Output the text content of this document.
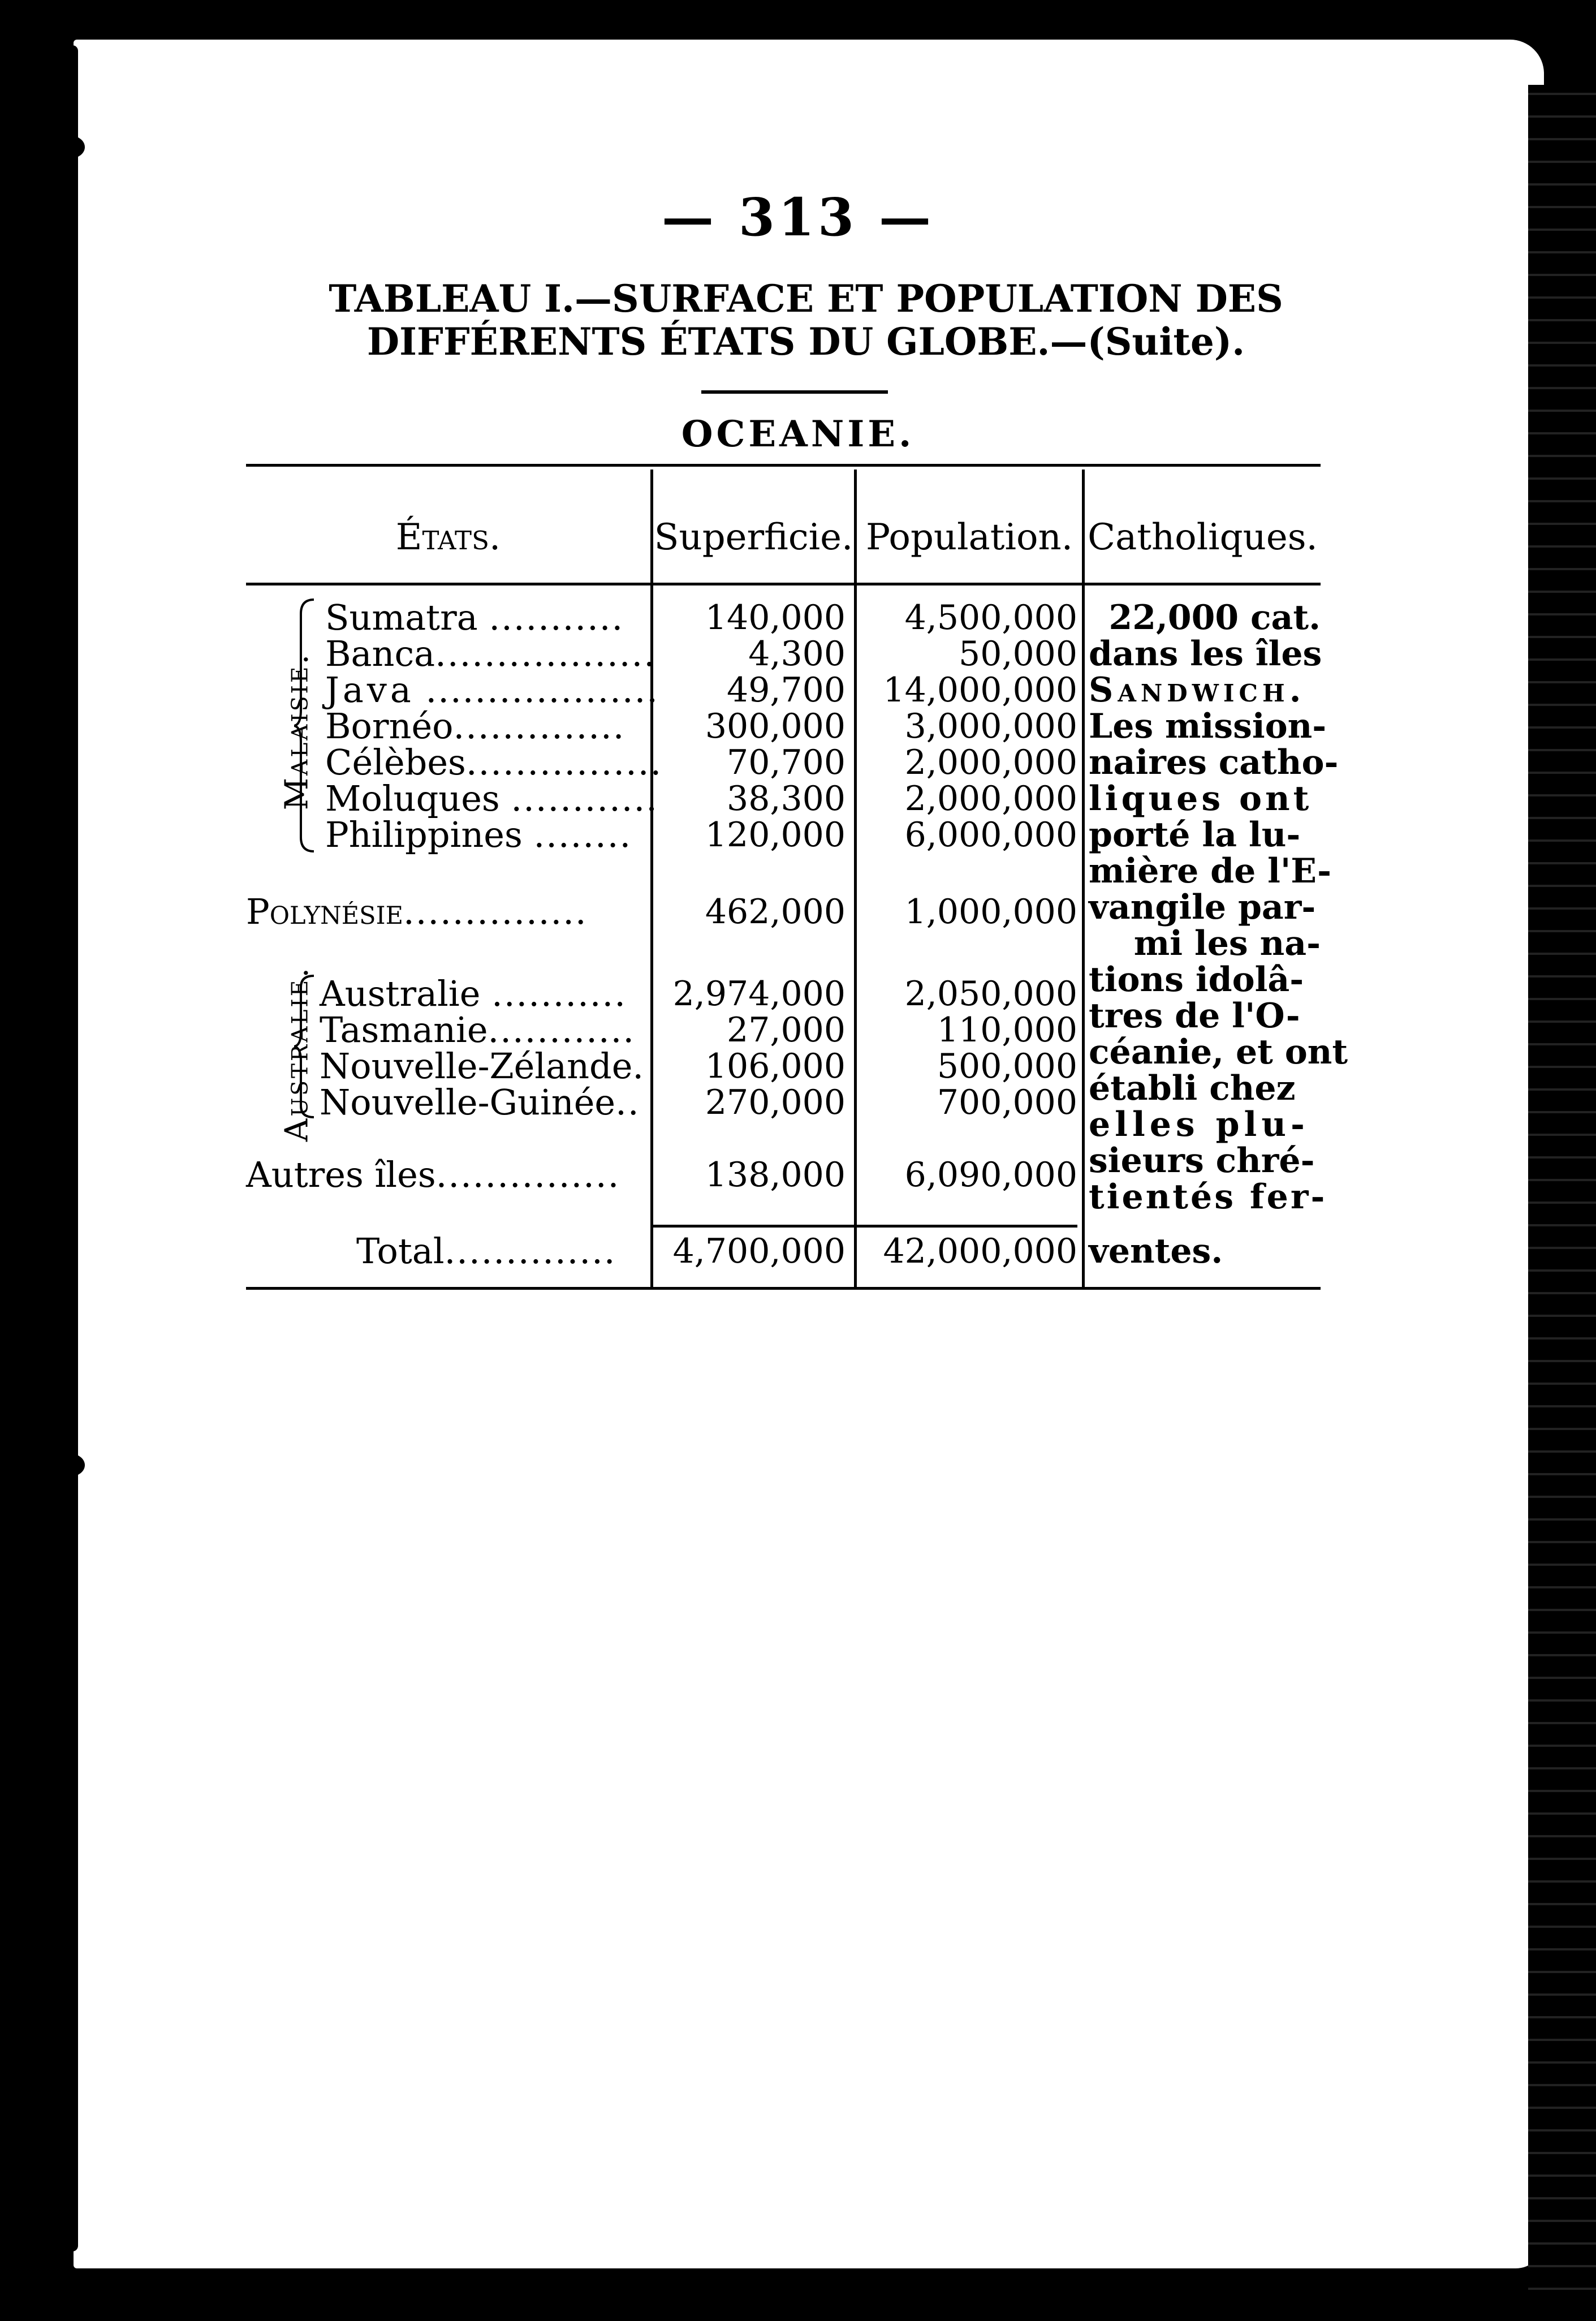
— 313 —
TABLEAU I.—SURFACE ET POPULATION DES
DIFFÉRENTS ÉTATS DU GLOBE.—(Suite).
OCEANIE.
États.	Superficie. Population. Catholiques.
Malaisie.
Australie.
Sumatra ...........
Banca..................
Java ...................
Bornéo..............
Célèbes................
Moluques ............
Philippines ........
Polynésie...............
Australie ...........
Tasmanie............
Nouvelle-Zélande.
Nouvelle-Guinée..
Autres îles...............
Total..............
140,000
4,300
49,700
300,000
70,700
38,300
120,000
462,000
2,974,000
27,000
106,000
270,000
138,000
4,700,000
4,500,000
50,000
14,000,000
3,000,000
2,000,000
2,000,000
6,000,000
1,000,000
2,050,000
110,000
500,000
700,000
6,090,000
42,000,000
22,000 cat.
dans les îles
Sandwich.
Les mission-
naires catho-
liques ont
porté la lu-
mière de l'E-
vangile par-
mi les na-
tions idolâ-
tres de l'O-
céanie, et ont
établi chez
elles plu-
sieurs chré-
tientés fer-
ventes.
